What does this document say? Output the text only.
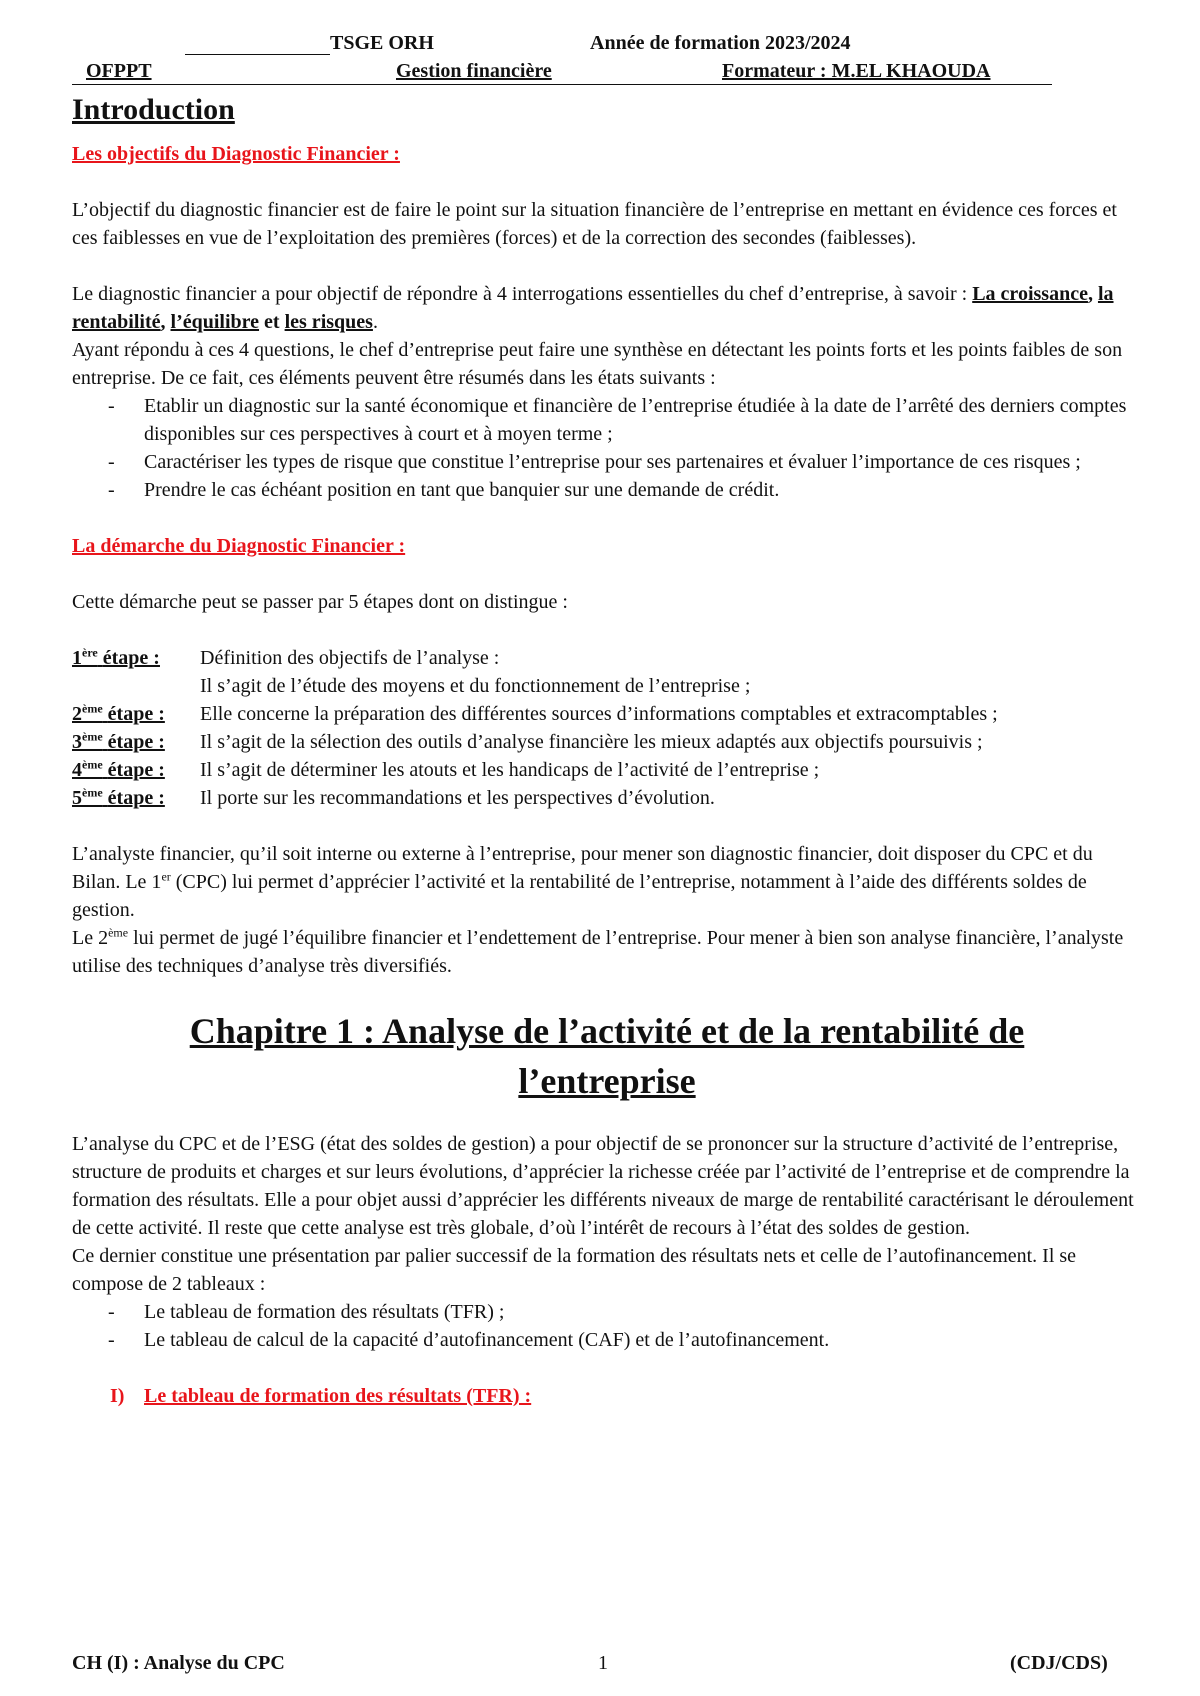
TSGE ORH	Année de formation 2023/2024
OFPPT	Gestion financière	Formateur : M.EL KHAOUDA
Introduction

Les objectifs du Diagnostic Financier :

L’objectif du diagnostic financier est de faire le point sur la situation financière de l’entreprise en mettant en évidence ces forces et ces faiblesses en vue de l’exploitation des premières (forces) et de la correction des secondes (faiblesses).

Le diagnostic financier a pour objectif de répondre à 4 interrogations essentielles du chef d’entreprise, à savoir : La croissance, la rentabilité, l’équilibre et les risques.

Ayant répondu à ces 4 questions, le chef d’entreprise peut faire une synthèse en détectant les points forts et les points faibles de son entreprise. De ce fait, ces éléments peuvent être résumés dans les états suivants :

- Etablir un diagnostic sur la santé économique et financière de l’entreprise étudiée à la date de l’arrêté des derniers comptes disponibles sur ces perspectives à court et à moyen terme ;
- Caractériser les types de risque que constitue l’entreprise pour ses partenaires et évaluer l’importance de ces risques ;
- Prendre le cas échéant position en tant que banquier sur une demande de crédit.

La démarche du Diagnostic Financier :

Cette démarche peut se passer par 5 étapes dont on distingue :

1ère étape :	Définition des objectifs de l’analyse :
Il s’agit de l’étude des moyens et du fonctionnement de l’entreprise ;
2ème étape :	Elle concerne la préparation des différentes sources d’informations comptables et extracomptables ;
3ème étape :	Il s’agit de la sélection des outils d’analyse financière les mieux adaptés aux objectifs poursuivis ;
4ème étape :	Il s’agit de déterminer les atouts et les handicaps de l’activité de l’entreprise ;
5ème étape :	Il porte sur les recommandations et les perspectives d’évolution.

L’analyste financier, qu’il soit interne ou externe à l’entreprise, pour mener son diagnostic financier, doit disposer du CPC et du Bilan. Le 1er (CPC) lui permet d’apprécier l’activité et la rentabilité de l’entreprise, notamment à l’aide des différents soldes de gestion.

Le 2ème lui permet de jugé l’équilibre financier et l’endettement de l’entreprise. Pour mener à bien son analyse financière, l’analyste utilise des techniques d’analyse très diversifiés.

Chapitre 1 : Analyse de l’activité et de la rentabilité de
l’entreprise

L’analyse du CPC et de l’ESG (état des soldes de gestion) a pour objectif de se prononcer sur la structure d’activité de l’entreprise, structure de produits et charges et sur leurs évolutions, d’apprécier la richesse créée par l’activité de l’entreprise et de comprendre la formation des résultats. Elle a pour objet aussi d’apprécier les différents niveaux de marge de rentabilité caractérisant le déroulement de cette activité. Il reste que cette analyse est très globale, d’où l’intérêt de recours à l’état des soldes de gestion.

Ce dernier constitue une présentation par palier successif de la formation des résultats nets et celle de l’autofinancement. Il se compose de 2 tableaux :

- Le tableau de formation des résultats (TFR) ;
- Le tableau de calcul de la capacité d’autofinancement (CAF) et de l’autofinancement.

I) Le tableau de formation des résultats (TFR) :

CH (I) : Analyse du CPC	1	(CDJ/CDS)
